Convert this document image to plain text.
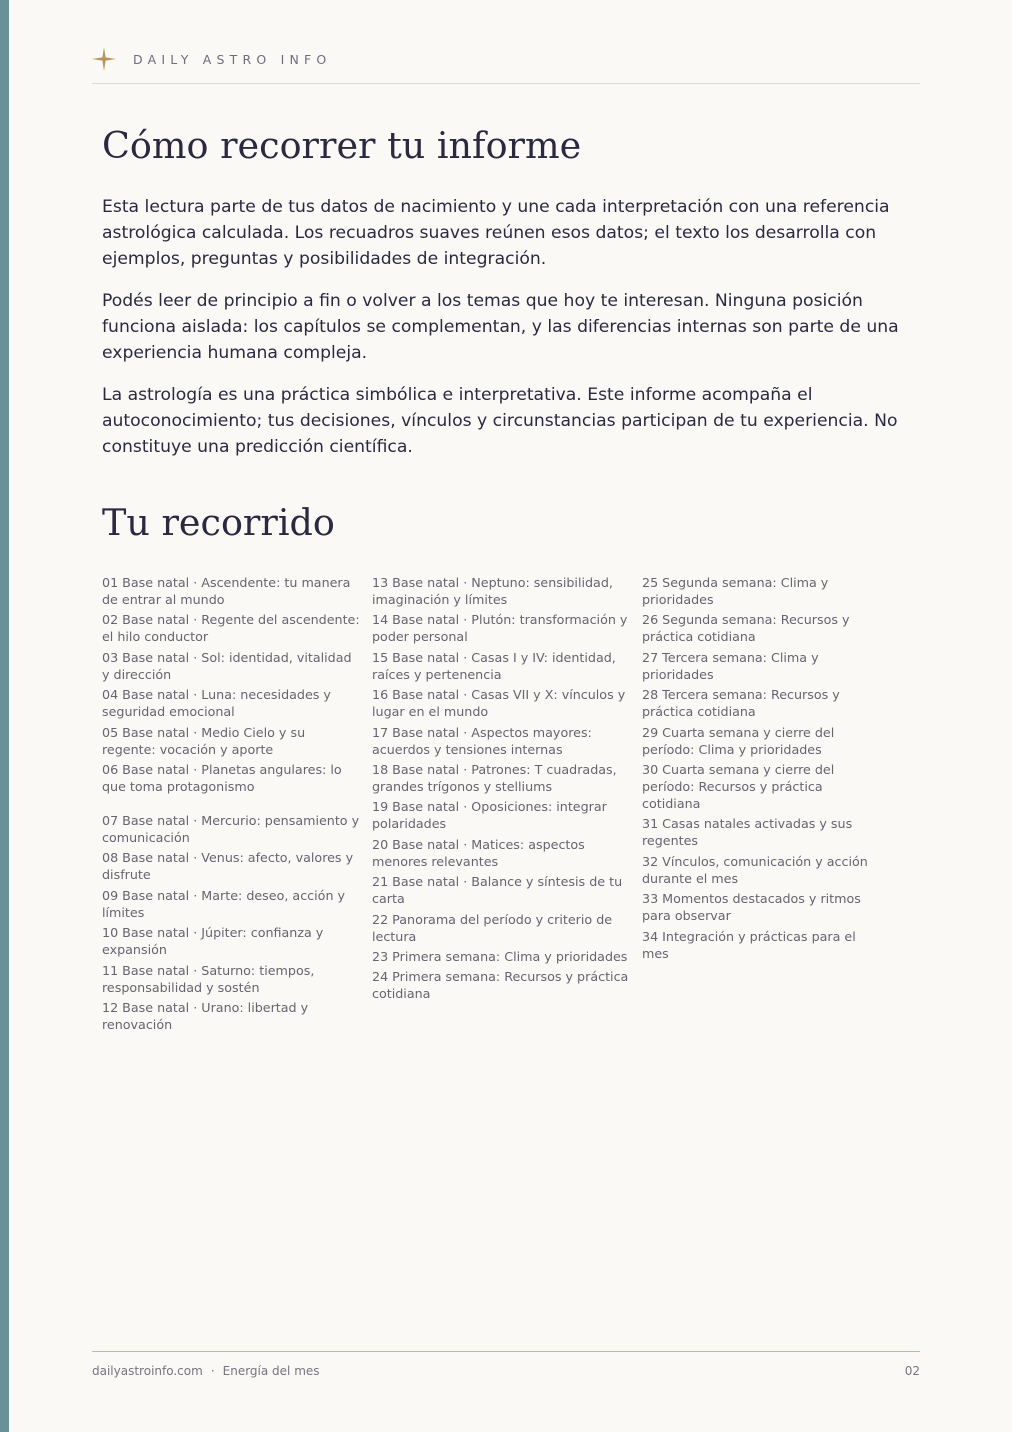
DAILY ASTRO INFO
Cómo recorrer tu informe

Esta lectura parte de tus datos de nacimiento y une cada interpretación con una referencia astrológica calculada. Los recuadros suaves reúnen esos datos; el texto los desarrolla con ejemplos, preguntas y posibilidades de integración.

Podés leer de principio a fin o volver a los temas que hoy te interesan. Ninguna posición funciona aislada: los capítulos se complementan, y las diferencias internas son parte de una experiencia humana compleja.

La astrología es una práctica simbólica e interpretativa. Este informe acompaña el autoconocimiento; tus decisiones, vínculos y circunstancias participan de tu experiencia. No constituye una predicción científica.

Tu recorrido
01 Base natal · Ascendente: tu manera de entrar al mundo
02 Base natal · Regente del ascendente: el hilo conductor
03 Base natal · Sol: identidad, vitalidad y dirección
04 Base natal · Luna: necesidades y seguridad emocional
05 Base natal · Medio Cielo y su regente: vocación y aporte
06 Base natal · Planetas angulares: lo que toma protagonismo
07 Base natal · Mercurio: pensamiento y comunicación
08 Base natal · Venus: afecto, valores y disfrute
09 Base natal · Marte: deseo, acción y límites
10 Base natal · Júpiter: confianza y expansión
11 Base natal · Saturno: tiempos, responsabilidad y sostén
12 Base natal · Urano: libertad y renovación
13 Base natal · Neptuno: sensibilidad, imaginación y límites
14 Base natal · Plutón: transformación y poder personal
15 Base natal · Casas I y IV: identidad, raíces y pertenencia
16 Base natal · Casas VII y X: vínculos y lugar en el mundo
17 Base natal · Aspectos mayores: acuerdos y tensiones internas
18 Base natal · Patrones: T cuadradas, grandes trígonos y stelliums
19 Base natal · Oposiciones: integrar polaridades
20 Base natal · Matices: aspectos menores relevantes
21 Base natal · Balance y síntesis de tu carta
22 Panorama del período y criterio de lectura
23 Primera semana: Clima y prioridades
24 Primera semana: Recursos y práctica cotidiana
25 Segunda semana: Clima y prioridades
26 Segunda semana: Recursos y práctica cotidiana
27 Tercera semana: Clima y prioridades
28 Tercera semana: Recursos y práctica cotidiana
29 Cuarta semana y cierre del período: Clima y prioridades
30 Cuarta semana y cierre del período: Recursos y práctica cotidiana
31 Casas natales activadas y sus regentes
32 Vínculos, comunicación y acción durante el mes
33 Momentos destacados y ritmos para observar
34 Integración y prácticas para el mes
dailyastroinfo.com · Energía del mes	02
